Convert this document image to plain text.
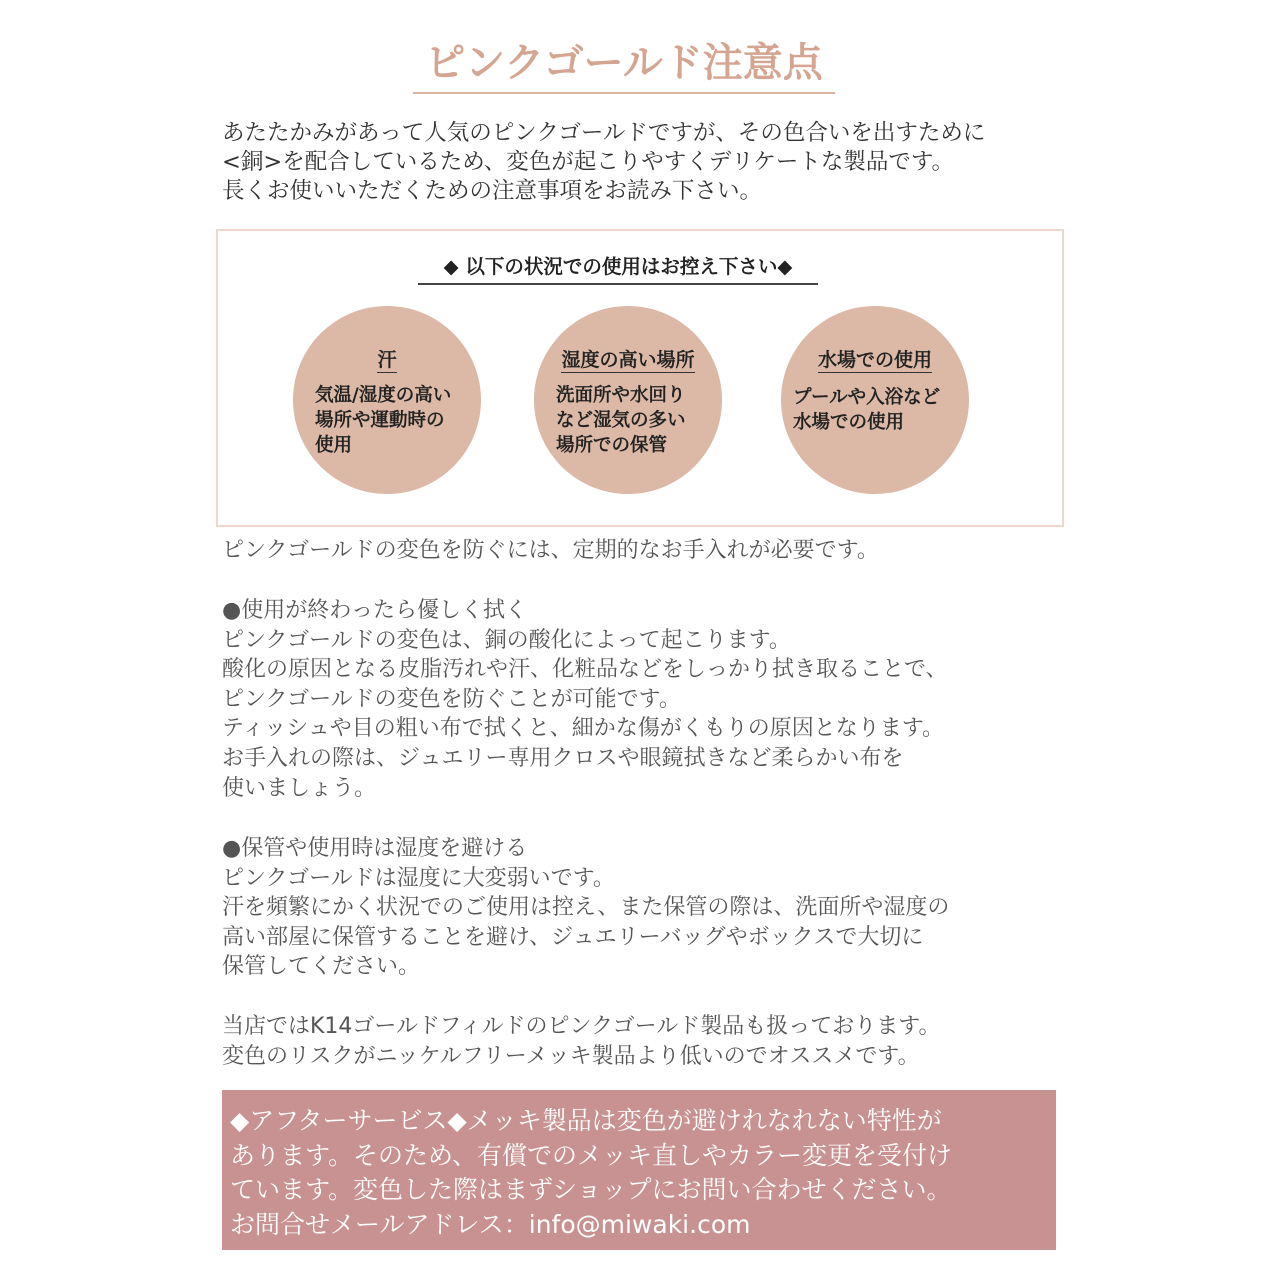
ピンクゴールド注意点
あたたかみがあって人気のピンクゴールドですが、その色合いを出すために
<銅>を配合しているため、変色が起こりやすくデリケートな製品です。
長くお使いいただくための注意事項をお読み下さい。
◆ 以下の状況での使用はお控え下さい◆
汗
気温/湿度の高い
場所や運動時の
使用
湿度の高い場所
洗面所や水回り
など湿気の多い
場所での保管
水場での使用
プールや入浴など
水場での使用
ピンクゴールドの変色を防ぐには、定期的なお手入れが必要です。
●使用が終わったら優しく拭く
ピンクゴールドの変色は、銅の酸化によって起こります。
酸化の原因となる皮脂汚れや汗、化粧品などをしっかり拭き取ることで、
ピンクゴールドの変色を防ぐことが可能です。
ティッシュや目の粗い布で拭くと、細かな傷がくもりの原因となります。
お手入れの際は、ジュエリー専用クロスや眼鏡拭きなど柔らかい布を
使いましょう。
●保管や使用時は湿度を避ける
ピンクゴールドは湿度に大変弱いです。
汗を頻繁にかく状況でのご使用は控え、また保管の際は、洗面所や湿度の
高い部屋に保管することを避け、ジュエリーバッグやボックスで大切に
保管してください。
当店ではK14ゴールドフィルドのピンクゴールド製品も扱っております。
変色のリスクがニッケルフリーメッキ製品より低いのでオススメです。
◆アフターサービス◆メッキ製品は変色が避けれなれない特性が
あります。そのため、有償でのメッキ直しやカラー変更を受付け
ています。変色した際はまずショップにお問い合わせください。
お問合せメールアドレス：info@miwaki.com
